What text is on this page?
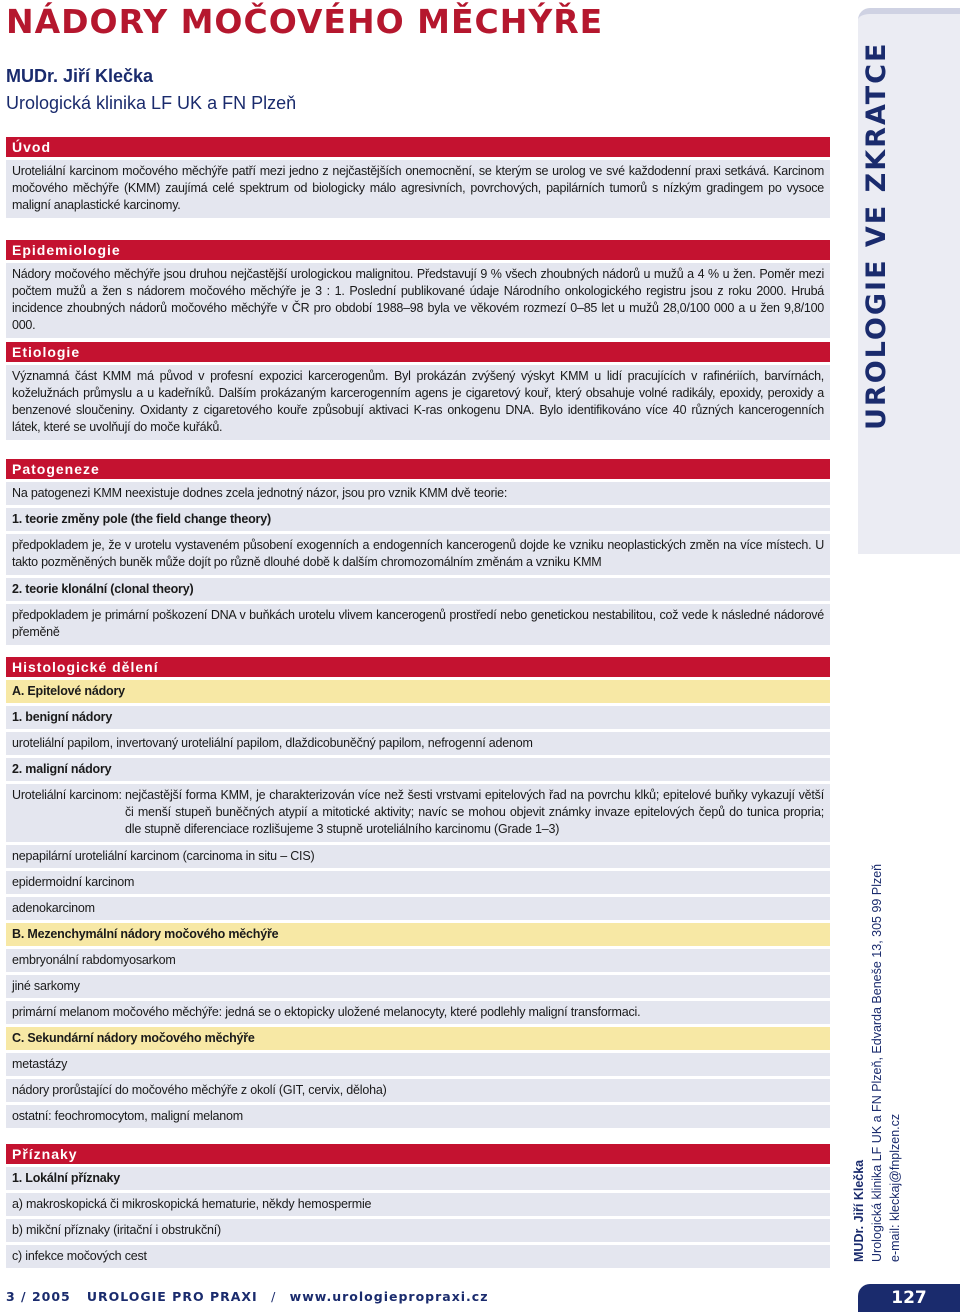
NÁDORY MOČOVÉHO MĚCHÝŘE
MUDr. Jiří Klečka
Urologická klinika LF UK a FN Plzeň
Úvod
Uroteliální karcinom močového měchýře patří mezi jedno z nejčastějších onemocnění, se kterým se urolog ve své každodenní praxi setkává. Karcinom močového měchýře (KMM) zaujímá celé spektrum od biologicky málo agresivních, povrchových, papilárních tumorů s nízkým gradingem po vysoce maligní anaplastické karcinomy.
Epidemiologie
Nádory močového měchýře jsou druhou nejčastější urologickou malignitou. Představují 9 % všech zhoubných nádorů u mužů a 4 % u žen. Poměr mezi počtem mužů a žen s nádorem močového měchýře je 3 : 1. Poslední publikované údaje Národního onkologického registru jsou z roku 2000. Hrubá incidence zhoubných nádorů močového měchýře v ČR pro období 1988–98 byla ve věkovém rozmezí 0–85 let u mužů 28,0/100 000 a u žen 9,8/100 000.
Etiologie
Významná část KMM má původ v profesní expozici karcerogenům. Byl prokázán zvýšený výskyt KMM u lidí pracujících v rafinériích, barvírnách, koželužnách průmyslu a u kadeřníků. Dalším prokázaným karcerogenním agens je cigaretový kouř, který obsahuje volné radikály, epoxidy, peroxidy a benzenové sloučeniny. Oxidanty z cigaretového kouře způsobují aktivaci K-ras onkogenu DNA. Bylo identifikováno více 40 různých kancerogenních látek, které se uvolňují do moče kuřáků.
Patogeneze
Na patogenezi KMM neexistuje dodnes zcela jednotný názor, jsou pro vznik KMM dvě teorie:
1. teorie změny pole (the field change theory)
předpokladem je, že v urotelu vystaveném působení exogenních a endogenních kancerogenů dojde ke vzniku neoplastických změn na více místech. U takto pozměněných buněk může dojít po různě dlouhé době k dalším chromozomálním změnám a vzniku KMM
2. teorie klonální (clonal theory)
předpokladem je primární poškození DNA v buňkách urotelu vlivem kancerogenů prostředí nebo genetickou nestabilitou, což vede k následné nádorové přeměně
Histologické dělení
A. Epitelové nádory
1. benigní nádory
uroteliální papilom, invertovaný uroteliální papilom, dlaždicobuněčný papilom, nefrogenní adenom
2. maligní nádory
Uroteliální karcinom: nejčastější forma KMM, je charakterizován více než šesti vrstvami epitelových řad na povrchu klků; epitelové buňky vykazují větší či menší stupeň buněčných atypií a mitotické aktivity; navíc se mohou objevit známky invaze epitelových čepů do tunica propria; dle stupně diferenciace rozlišujeme 3 stupně uroteliálního karcinomu (Grade 1–3)
nepapilární uroteliální karcinom (carcinoma in situ – CIS)
epidermoidní karcinom
adenokarcinom
B. Mezenchymální nádory močového měchýře
embryonální rabdomyosarkom
jiné sarkomy
primární melanom močového měchýře: jedná se o ektopicky uložené melanocyty, které podlehly maligní transformaci.
C. Sekundární nádory močového měchýře
metastázy
nádory prorůstající do močového měchýře z okolí (GIT, cervix, děloha)
ostatní: feochromocytom, maligní melanom
Příznaky
1. Lokální příznaky
a) makroskopická či mikroskopická hematurie, někdy hemospermie
b) mikční příznaky (iritační i obstrukční)
c) infekce močových cest
UROLOGIE VE ZKRATCE
MUDr. Jiří Klečka Urologická klinika LF UK a FN Plzeň, Edvarda Beneše 13, 305 99 Plzeň e-mail: kleckaj@fnplzen.cz
3 / 2005 UROLOGIE PRO PRAXI / www.urologiepropraxi.cz	127
